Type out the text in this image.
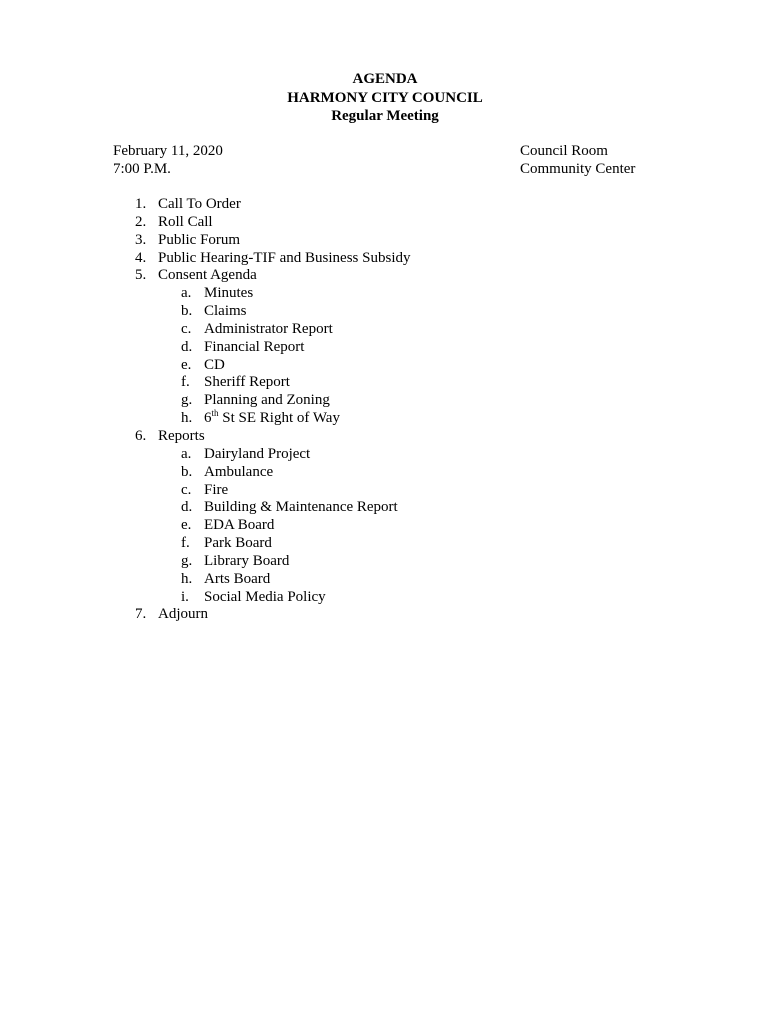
AGENDA
HARMONY CITY COUNCIL
Regular Meeting
February 11, 2020
7:00 P.M.
Council Room
Community Center
1. Call To Order
2. Roll Call
3. Public Forum
4. Public Hearing-TIF and Business Subsidy
5. Consent Agenda
a. Minutes
b. Claims
c. Administrator Report
d. Financial Report
e. CD
f. Sheriff Report
g. Planning and Zoning
h. 6th St SE Right of Way
6. Reports
a. Dairyland Project
b. Ambulance
c. Fire
d. Building & Maintenance Report
e. EDA Board
f. Park Board
g. Library Board
h. Arts Board
i.	Social Media Policy
7. Adjourn
